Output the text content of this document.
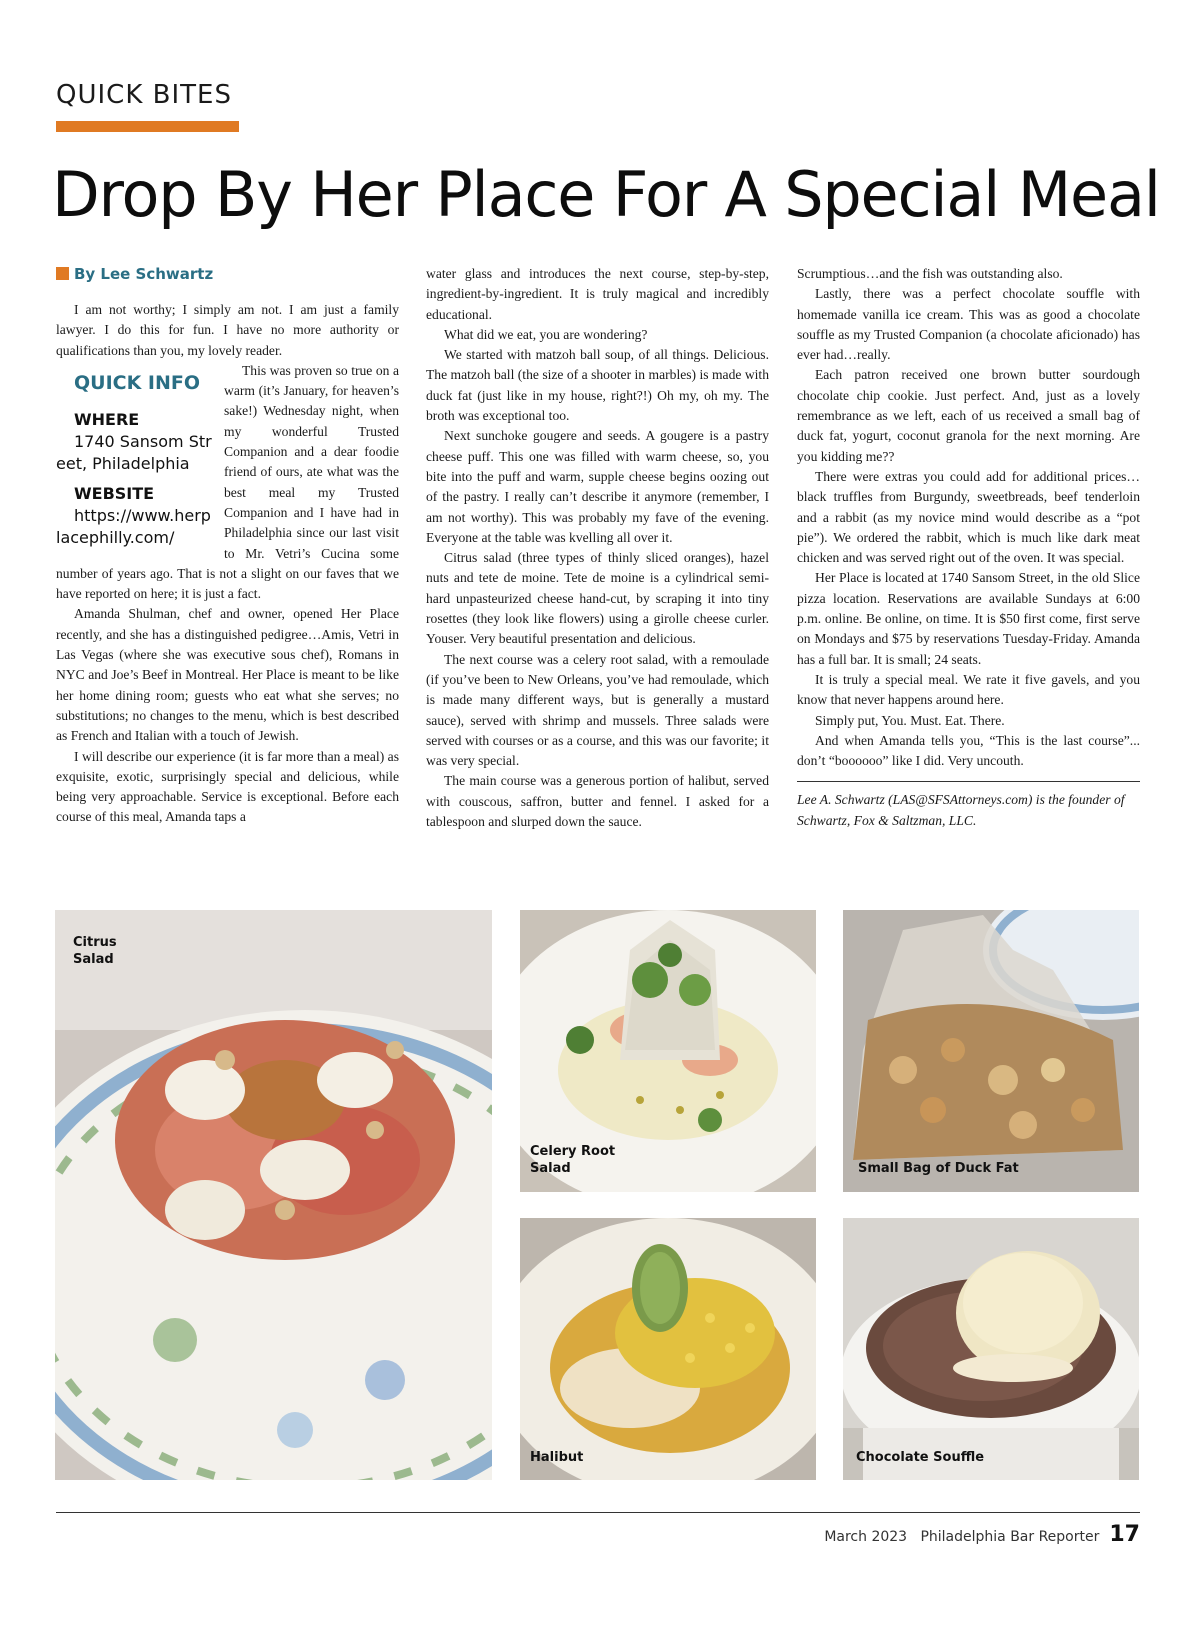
QUICK BITES
Drop By Her Place For A Special Meal
By Lee Schwartz

I am not worthy; I simply am not. I am just a family lawyer. I do this for fun. I have no more authority or qualifications than you, my lovely reader.

QUICK INFO
WHERE
1740 Sansom Street, Philadelphia
WEBSITE
https://www.herplacephilly.com/
This was proven so true on a warm (it’s January, for heaven’s sake!) Wednesday night, when my wonderful Trusted Companion and a dear foodie friend of ours, ate what was the best meal my Trusted Companion and I have had in Philadelphia since our last visit to Mr. Vetri’s Cucina some number of years ago. That is not a slight on our faves that we have reported on here; it is just a fact.

Amanda Shulman, chef and owner, opened Her Place recently, and she has a distinguished pedigree…Amis, Vetri in Las Vegas (where she was executive sous chef), Romans in NYC and Joe’s Beef in Montreal. Her Place is meant to be like her home dining room; guests who eat what she serves; no substitutions; no changes to the menu, which is best described as French and Italian with a touch of Jewish.

I will describe our experience (it is far more than a meal) as exquisite, exotic, surprisingly special and delicious, while being very approachable. Service is exceptional. Before each course of this meal, Amanda taps a

water glass and introduces the next course, step-by-step, ingredient-by-ingredient. It is truly magical and incredibly educational.

What did we eat, you are wondering?

We started with matzoh ball soup, of all things. Delicious. The matzoh ball (the size of a shooter in marbles) is made with duck fat (just like in my house, right?!) Oh my, oh my. The broth was exceptional too.

Next sunchoke gougere and seeds. A gougere is a pastry cheese puff. This one was filled with warm cheese, so, you bite into the puff and warm, supple cheese begins oozing out of the pastry. I really can’t describe it anymore (remember, I am not worthy). This was probably my fave of the evening. Everyone at the table was kvelling all over it.

Citrus salad (three types of thinly sliced oranges), hazel nuts and tete de moine. Tete de moine is a cylindrical semi-hard unpasteurized cheese hand-cut, by scraping it into tiny rosettes (they look like flowers) using a girolle cheese curler. Youser. Very beautiful presentation and delicious.

The next course was a celery root salad, with a remoulade (if you’ve been to New Orleans, you’ve had remoulade, which is made many different ways, but is generally a mustard sauce), served with shrimp and mussels. Three salads were served with courses or as a course, and this was our favorite; it was very special.

The main course was a generous portion of halibut, served with couscous, saffron, butter and fennel. I asked for a tablespoon and slurped down the sauce.

Scrumptious…and the fish was outstanding also.

Lastly, there was a perfect chocolate souffle with homemade vanilla ice cream. This was as good a chocolate souffle as my Trusted Companion (a chocolate aficionado) has ever had…really.

Each patron received one brown butter sourdough chocolate chip cookie. Just perfect. And, just as a lovely remembrance as we left, each of us received a small bag of duck fat, yogurt, coconut granola for the next morning. Are you kidding me??

There were extras you could add for additional prices…black truffles from Burgundy, sweetbreads, beef tenderloin and a rabbit (as my novice mind would describe as a “pot pie”). We ordered the rabbit, which is much like dark meat chicken and was served right out of the oven. It was special.

Her Place is located at 1740 Sansom Street, in the old Slice pizza location. Reservations are available Sundays at 6:00 p.m. online. Be online, on time. It is $50 first come, first serve on Mondays and $75 by reservations Tuesday-Friday. Amanda has a full bar. It is small; 24 seats.

It is truly a special meal. We rate it five gavels, and you know that never happens around here.

Simply put, You. Must. Eat. There.

And when Amanda tells you, “This is the last course”... don’t “boooooo” like I did. Very uncouth.

Lee A. Schwartz (LAS@SFSAttorneys.com) is the founder of Schwartz, Fox & Saltzman, LLC.

Citrus Salad
Celery Root Salad	Small Bag of Duck Fat
Halibut	Chocolate Souffle
March 2023 Philadelphia Bar Reporter 17
